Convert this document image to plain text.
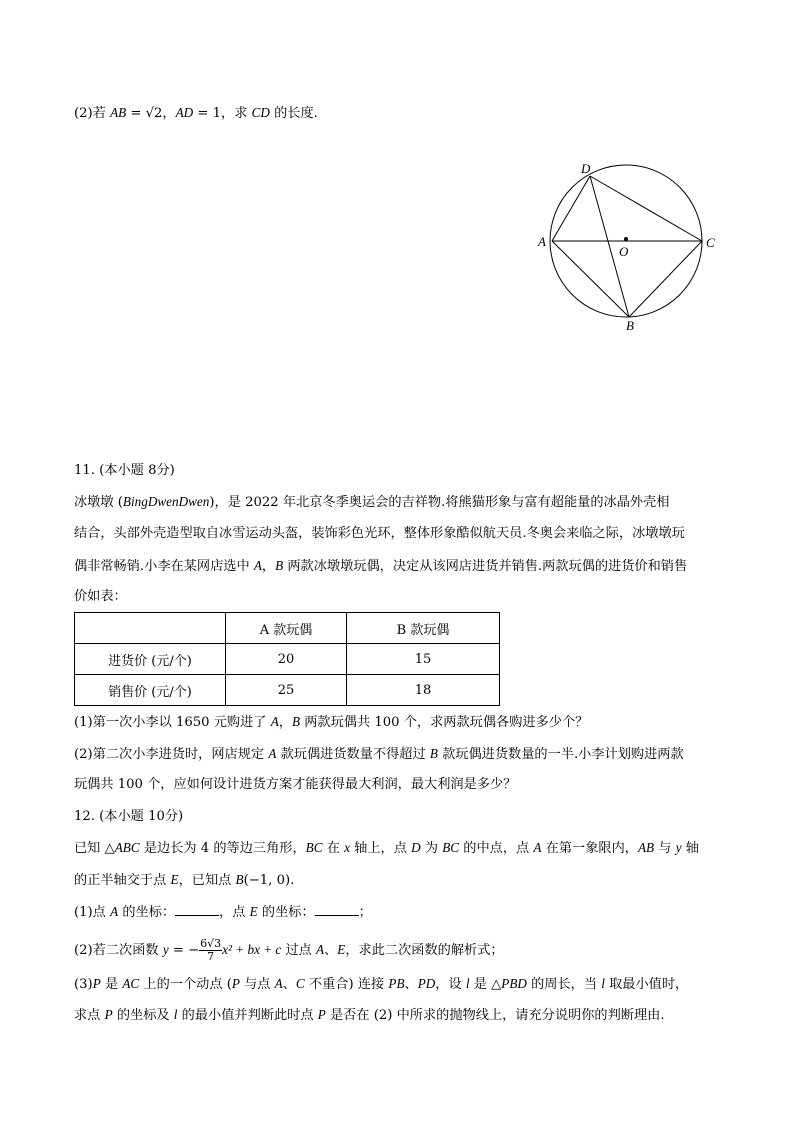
(2)若 AB = √2，AD = 1，求 CD 的长度.
D
A
O
C
B
11. (本小题 8分)
冰墩墩 (BingDwenDwen)，是 2022 年北京冬季奥运会的吉祥物.将熊猫形象与富有超能量的冰晶外壳相
结合，头部外壳造型取自冰雪运动头盔，装饰彩色光环，整体形象酷似航天员.冬奥会来临之际，冰墩墩玩
偶非常畅销.小李在某网店选中 A，B 两款冰墩墩玩偶，决定从该网店进货并销售.两款玩偶的进货价和销售
价如表：
	A 款玩偶	B 款玩偶
进货价 (元/个)	20	15
销售价 (元/个)	25	18
(1)第一次小李以 1650 元购进了 A，B 两款玩偶共 100 个，求两款玩偶各购进多少个？
(2)第二次小李进货时，网店规定 A 款玩偶进货数量不得超过 B 款玩偶进货数量的一半.小李计划购进两款
玩偶共 100 个，应如何设计进货方案才能获得最大利润，最大利润是多少？
12. (本小题 10分)
已知 △ABC 是边长为 4 的等边三角形，BC 在 x 轴上，点 D 为 BC 的中点，点 A 在第一象限内，AB 与 y 轴
的正半轴交于点 E，已知点 B(−1, 0).
(1)点 A 的坐标：	，点 E 的坐标：	；
(2)若二次函数 y = − $\frac{6√3}{7} x^2$ + bx + c 过点 A、E，求此二次函数的解析式；
(3)P 是 AC 上的一个动点 (P 与点 A、C 不重合) 连接 PB、PD，设 l 是 △PBD 的周长，当 l 取最小值时，
求点 P 的坐标及 l 的最小值并判断此时点 P 是否在 (2) 中所求的抛物线上，请充分说明你的判断理由.
